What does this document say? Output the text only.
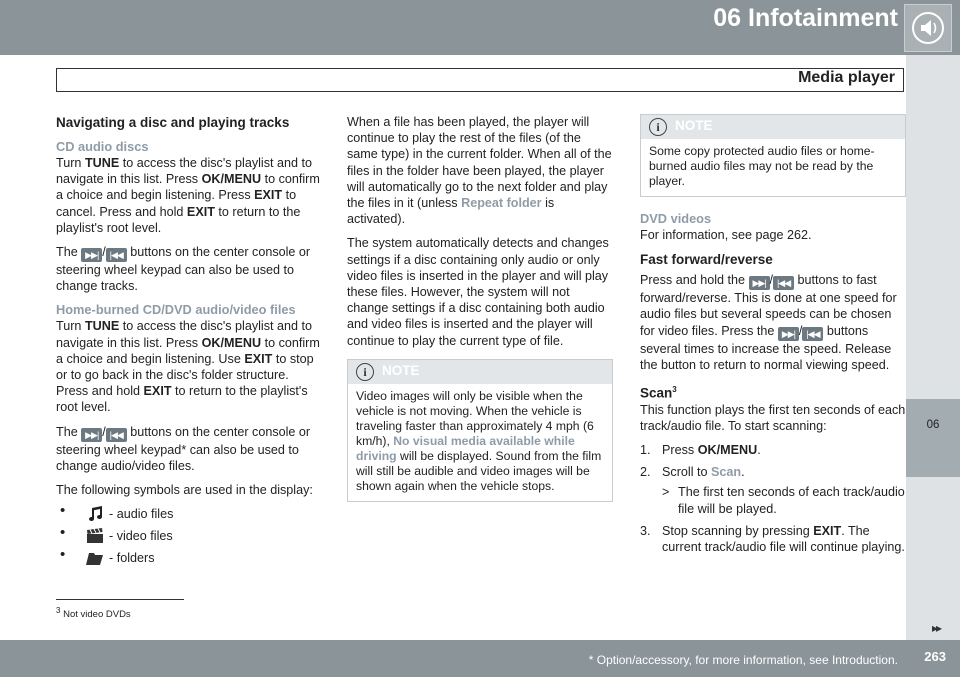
06 Infotainment
Media player
06
Navigating a disc and playing tracks
CD audio discs

Turn TUNE to access the disc's playlist and to navigate in this list. Press OK/MENU to confirm a choice and begin listening. Press EXIT to cancel. Press and hold EXIT to return to the playlist's root level.

The ▶▶| / |◀◀ buttons on the center console or steering wheel keypad can also be used to change tracks.

Home-burned CD/DVD audio/video files

Turn TUNE to access the disc's playlist and to navigate in this list. Press OK/MENU to confirm a choice and begin listening. Use EXIT to stop or to go back in the disc's folder structure. Press and hold EXIT to return to the playlist's root level.

The ▶▶| / |◀◀ buttons on the center console or steering wheel keypad* can also be used to change audio/video files.

The following symbols are used in the display:

•	- audio files
•	- video files
•	- folders

When a file has been played, the player will continue to play the rest of the files (of the same type) in the current folder. When all of the files in the folder have been played, the player will automatically go to the next folder and play the files in it (unless Repeat folder is activated).

The system automatically detects and changes settings if a disc containing only audio or only video files is inserted in the player and will play these files. However, the system will not change settings if a disc containing both audio and video files is inserted and the player will continue to play the current type of file.

i	NOTE
Video images will only be visible when the vehicle is not moving. When the vehicle is traveling faster than approximately 4 mph (6 km/h), No visual media available while driving will be displayed. Sound from the film will still be audible and video images will be shown again when the vehicle stops.
i	NOTE
Some copy protected audio files or home-burned audio files may not be read by the player.
DVD videos

For information, see page 262.

Fast forward/reverse

Press and hold the ▶▶| / |◀◀ buttons to fast forward/reverse. This is done at one speed for audio files but several speeds can be chosen for video files. Press the ▶▶| / |◀◀ buttons several times to increase the speed. Release the button to return to normal viewing speed.

Scan$^3$

This function plays the first ten seconds of each track/audio file. To start scanning:

1. Press OK/MENU.
2. Scroll to Scan.
> The first ten seconds of each track/audio file will be played.
3. Stop scanning by pressing EXIT. The current track/audio file will continue playing.
$^3$ Not video DVDs
▸▸
* Option/accessory, for more information, see Introduction. 263
